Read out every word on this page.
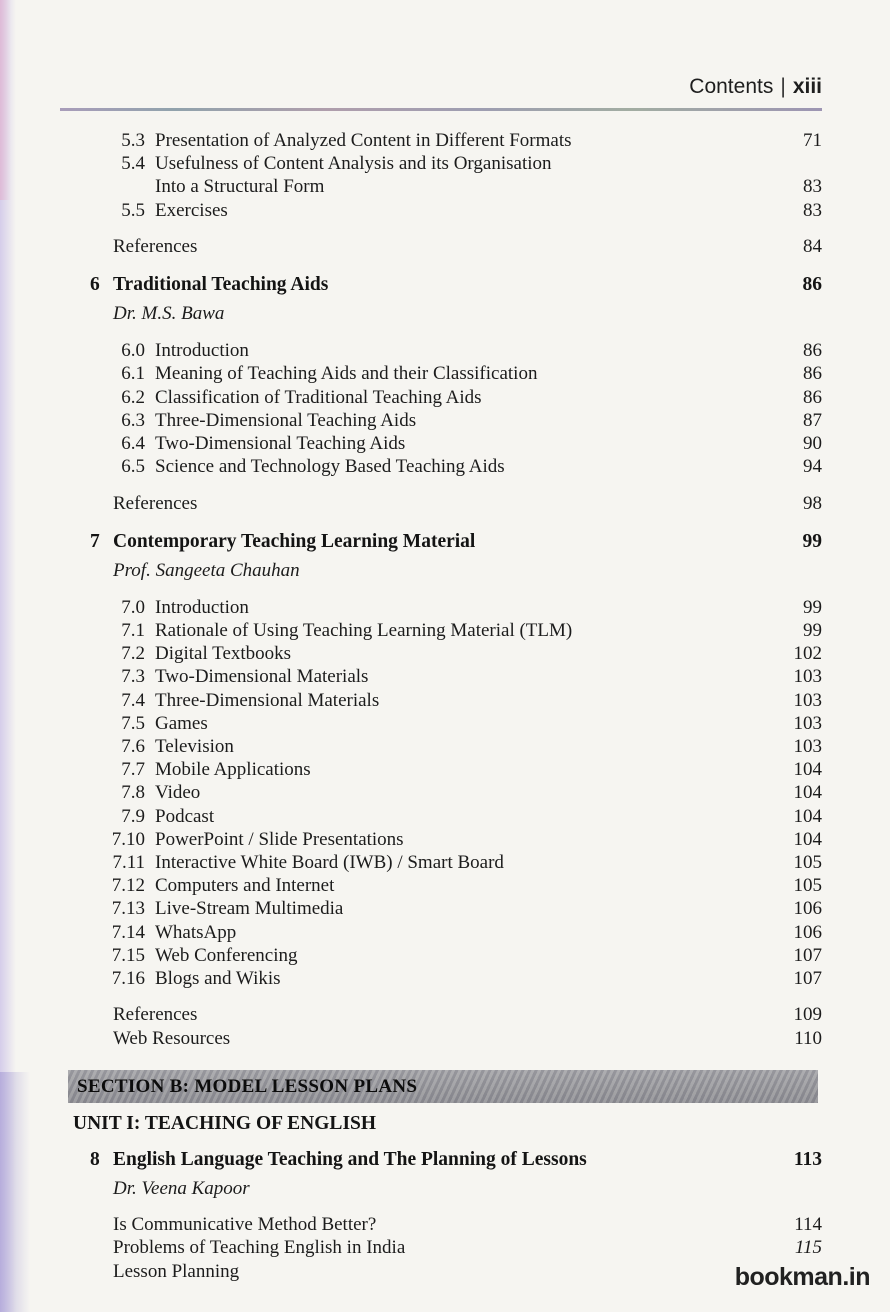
Contents | xiii
5.3 Presentation of Analyzed Content in Different Formats	71
5.4 Usefulness of Content Analysis and its Organisation
Into a Structural Form	83
5.5 Exercises	83
References	84
6 Traditional Teaching Aids	86
Dr. M.S. Bawa
6.0 Introduction	86
6.1 Meaning of Teaching Aids and their Classification	86
6.2 Classification of Traditional Teaching Aids	86
6.3 Three-Dimensional Teaching Aids	87
6.4 Two-Dimensional Teaching Aids	90
6.5 Science and Technology Based Teaching Aids	94
References	98
7 Contemporary Teaching Learning Material	99
Prof. Sangeeta Chauhan
7.0 Introduction	99
7.1 Rationale of Using Teaching Learning Material (TLM)	99
7.2 Digital Textbooks	102
7.3 Two-Dimensional Materials	103
7.4 Three-Dimensional Materials	103
7.5 Games	103
7.6 Television	103
7.7 Mobile Applications	104
7.8 Video	104
7.9 Podcast	104
7.10 PowerPoint / Slide Presentations	104
7.11 Interactive White Board (IWB) / Smart Board	105
7.12 Computers and Internet	105
7.13 Live-Stream Multimedia	106
7.14 WhatsApp	106
7.15 Web Conferencing	107
7.16 Blogs and Wikis	107
References	109
Web Resources	110
SECTION B: MODEL LESSON PLANS
UNIT I: TEACHING OF ENGLISH
8 English Language Teaching and The Planning of Lessons	113
Dr. Veena Kapoor
Is Communicative Method Better?	114
Problems of Teaching English in India	115
Lesson Planning	bookman.in
